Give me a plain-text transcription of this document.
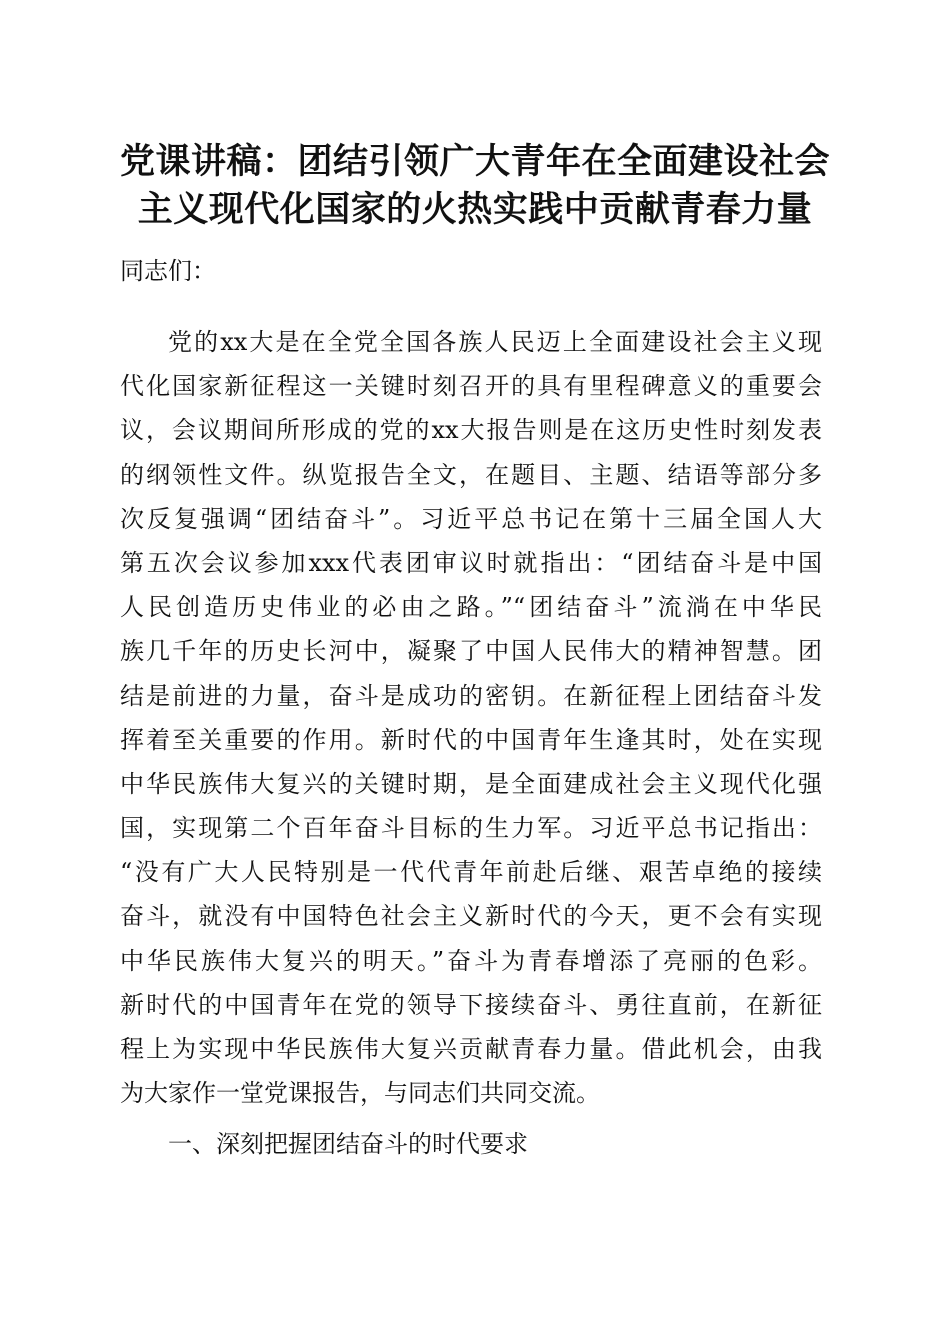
党课讲稿：团结引领广大青年在全面建设社会
主义现代化国家的火热实践中贡献青春力量

同志们：

党的xx大是在全党全国各族人民迈上全面建设社会主义现
代化国家新征程这一关键时刻召开的具有里程碑意义的重要会
议，会议期间所形成的党的xx大报告则是在这历史性时刻发表
的纲领性文件。纵览报告全文，在题目、主题、结语等部分多
次反复强调“团结奋斗”。习近平总书记在第十三届全国人大
第五次会议参加xxx代表团审议时就指出：“团结奋斗是中国
人民创造历史伟业的必由之路。”“团结奋斗”流淌在中华民
族几千年的历史长河中，凝聚了中国人民伟大的精神智慧。团
结是前进的力量，奋斗是成功的密钥。在新征程上团结奋斗发
挥着至关重要的作用。新时代的中国青年生逢其时，处在实现
中华民族伟大复兴的关键时期，是全面建成社会主义现代化强
国，实现第二个百年奋斗目标的生力军。习近平总书记指出：
“没有广大人民特别是一代代青年前赴后继、艰苦卓绝的接续
奋斗，就没有中国特色社会主义新时代的今天，更不会有实现
中华民族伟大复兴的明天。”奋斗为青春增添了亮丽的色彩。
新时代的中国青年在党的领导下接续奋斗、勇往直前，在新征
程上为实现中华民族伟大复兴贡献青春力量。借此机会，由我
为大家作一堂党课报告，与同志们共同交流。
一、深刻把握团结奋斗的时代要求
